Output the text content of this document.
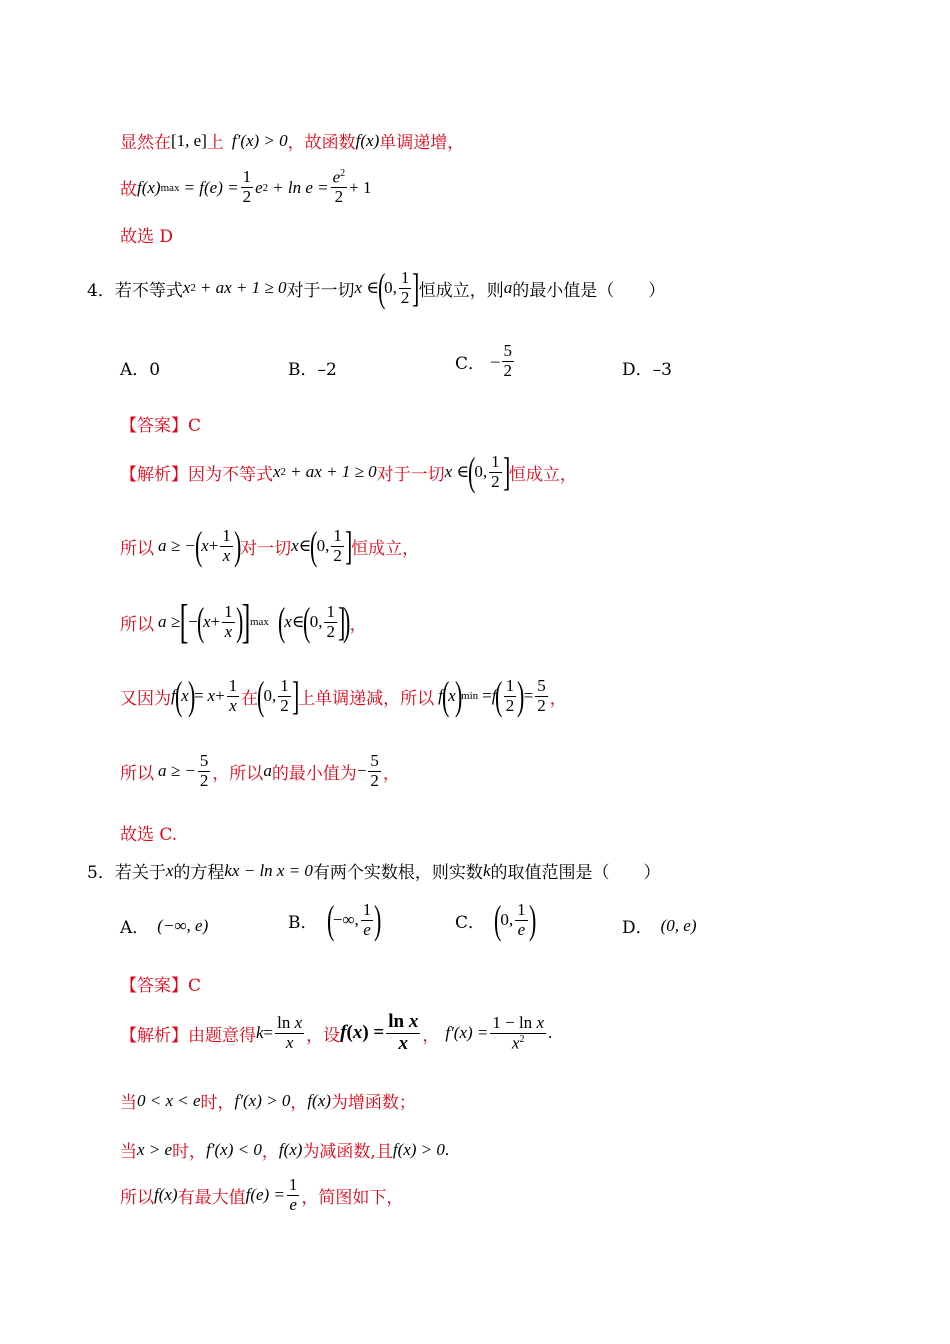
显然在 [1, e] 上 f′(x) > 0 ，故函数 f(x) 单调递增，
故 f(x) $\max = f(e) = \frac{1}{2}$ e $2 + \ln e = \frac{e^2}{2} + 1$
故选 D
4．若不等式 x 2 + ax + 1 ≥ 0 对于一切 x ∈
(
0, $\frac{1}{2}$ ]
恒成立，则 a 的最小值是（　　）
A．0	B．–2	C． – $\frac{5}{2}$	D．–3
【答案】C
【解析】因为不等式 x 2 + ax + 1 ≥ 0 对于一切 x ∈
(
0, $\frac{1}{2}$ ]
恒成立，
所以 a ≥ −
(
$x + \frac{1}{x}$ )
对一切 x ∈
(
0, $\frac{1}{2}$ ]
恒成立，
所以 a ≥ [ −
(
$x + \frac{1}{x}$ )
] max (
x ∈
(
0, $\frac{1}{2}$ ]
)
，
又因为 f
(
x
)
= $x + \frac{1}{x}$ 在
(
0, $\frac{1}{2}$ ]
上单调递减，所以 f
(
x
)
min = f
( $\frac{1}{2}$ )
= $\frac{5}{2}$ ，
所以 a ≥ − $\frac{5}{2}$ ，所以 a 的最小值为 − $\frac{5}{2}$ ，
故选 C.
5．若关于 x 的方程 kx − ln x = 0 有两个实数根，则实数 k 的取值范围是（　　）
A． (−∞, e)	B． (
−∞, $\frac{1}{e}$ )	C． (
0, $\frac{1}{e}$ )	D． (0, e)
【答案】C
【解析】由题意得 $k = \frac{\text{ln x}}{x}$ ，设 f ( x ) = $\frac{\text{ln x}}{x}$ ， $f'(x) = \frac{\text{1 − ln x}}{x^2}$ .
当 0 < x < e 时， f′(x) > 0 ， f(x) 为增函数；
当 x > e 时， f′(x) < 0 ， f(x) 为减函数,且 f(x) > 0 .
所以 f(x) 有最大值 $f(e) = \frac{1}{e}$ ，简图如下，
